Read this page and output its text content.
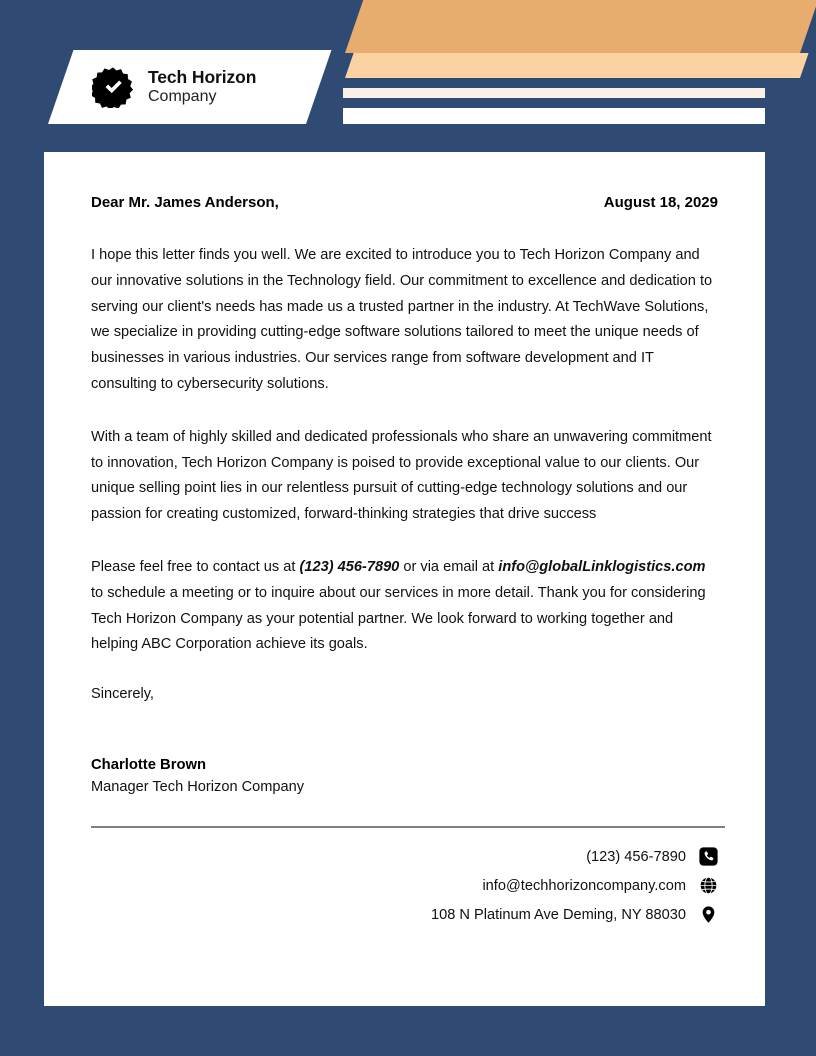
Tech Horizon
Company
Dear Mr. James Anderson,	August 18, 2029

I hope this letter finds you well. We are excited to introduce you to Tech Horizon Company and our innovative solutions in the Technology field. Our commitment to excellence and dedication to serving our client's needs has made us a trusted partner in the industry. At TechWave Solutions, we specialize in providing cutting-edge software solutions tailored to meet the unique needs of businesses in various industries. Our services range from software development and IT consulting to cybersecurity solutions.

With a team of highly skilled and dedicated professionals who share an unwavering commitment to innovation, Tech Horizon Company is poised to provide exceptional value to our clients. Our unique selling point lies in our relentless pursuit of cutting-edge technology solutions and our passion for creating customized, forward-thinking strategies that drive success

Please feel free to contact us at (123) 456-7890 or via email at info@globalLinklogistics.com to schedule a meeting or to inquire about our services in more detail. Thank you for considering Tech Horizon Company as your potential partner. We look forward to working together and helping ABC Corporation achieve its goals.

Sincerely,
Charlotte Brown
Manager Tech Horizon Company
(123) 456-7890
info@techhorizoncompany.com
108 N Platinum Ave Deming, NY 88030
